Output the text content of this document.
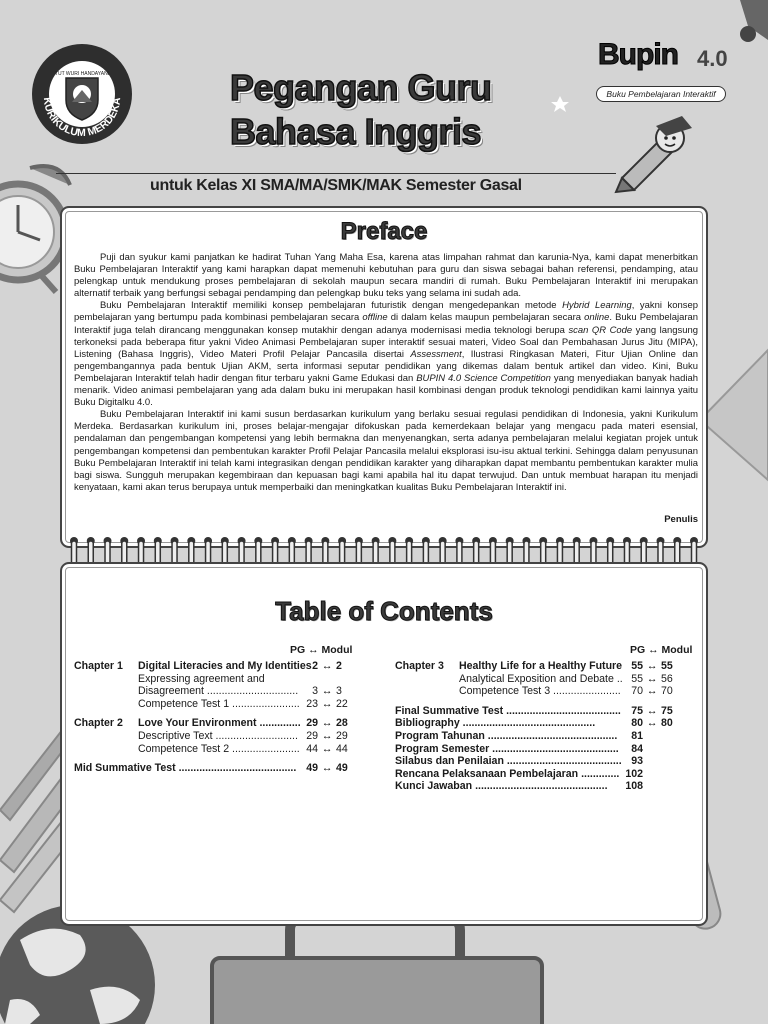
KURIKULUM MERDEKA
TUT WURI HANDAYANI	Pegangan Guru
Bahasa Inggris
untuk Kelas XI SMA/MA/SMK/MAK Semester Gasal
Bupin 4.0
Buku Pembelajaran Interaktif
Preface

Puji dan syukur kami panjatkan ke hadirat Tuhan Yang Maha Esa, karena atas limpahan rahmat dan karunia-Nya, kami dapat menerbitkan Buku Pembelajaran Interaktif yang kami harapkan dapat memenuhi kebutuhan para guru dan siswa sebagai bahan referensi, pendamping, atau pelengkap untuk mendukung proses pembelajaran di sekolah maupun secara mandiri di rumah. Buku Pembelajaran Interaktif ini merupakan alternatif terbaik yang berfungsi sebagai pendamping dan pelengkap buku teks yang selama ini sudah ada.

Buku Pembelajaran Interaktif memiliki konsep pembelajaran futuristik dengan mengedepankan metode Hybrid Learning, yakni konsep pembelajaran yang bertumpu pada kombinasi pembelajaran secara offline di dalam kelas maupun pembelajaran secara online. Buku Pembelajaran Interaktif juga telah dirancang menggunakan konsep mutakhir dengan adanya modernisasi media teknologi berupa scan QR Code yang langsung terkoneksi pada beberapa fitur yakni Video Animasi Pembelajaran super interaktif sesuai materi, Video Soal dan Pembahasan Jurus Jitu (MIPA), Listening (Bahasa Inggris), Video Materi Profil Pelajar Pancasila disertai Assessment, Ilustrasi Ringkasan Materi, Fitur Ujian Online dan pengembangannya pada bentuk Ujian AKM, serta informasi seputar pendidikan yang dikemas dalam bentuk artikel dan video. Kini, Buku Pembelajaran Interaktif telah hadir dengan fitur terbaru yakni Game Edukasi dan BUPIN 4.0 Science Competition yang menyediakan banyak hadiah menarik. Video animasi pembelajaran yang ada dalam buku ini merupakan hasil kombinasi dengan produk teknologi pendidikan kami lainnya yaitu Buku Digitalku 4.0.

Buku Pembelajaran Interaktif ini kami susun berdasarkan kurikulum yang berlaku sesuai regulasi pendidikan di Indonesia, yakni Kurikulum Merdeka. Berdasarkan kurikulum ini, proses belajar-mengajar difokuskan pada kemerdekaan belajar yang mengacu pada materi esensial, pendalaman dan pengembangan kompetensi yang lebih bermakna dan menyenangkan, serta adanya pembelajaran melalui kegiatan projek untuk pengembangan kompetensi dan pembentukan karakter Profil Pelajar Pancasila melalui eksplorasi isu-isu aktual terkini. Sehingga dalam penyusunan Buku Pembelajaran Interaktif ini telah kami integrasikan dengan pendidikan karakter yang diharapkan dapat membantu pembentukan karakter mulia bagi siswa. Sungguh merupakan kegembiraan dan kepuasan bagi kami apabila hal itu dapat terwujud. Dan untuk membuat harapan itu menjadi kenyataan, kami akan terus berupaya untuk memperbaiki dan meningkatkan kualitas Buku Pembelajaran Interaktif ini.

Penulis
Table of Contents
PG ↔ Modul	PG ↔ Modul
Chapter 1 Digital Literacies and My Identities 2 ↔ 2
Expressing agreement and
Disagreement ...............................	3 ↔ 3
Competence Test 1 ....................... 23 ↔ 22
Chapter 2 Love Your Environment .............. 29 ↔ 28
Descriptive Text ............................ 29 ↔ 29
Competence Test 2 ....................... 44 ↔ 44
Mid Summative Test ........................................ 49 ↔ 49
Chapter 3 Healthy Life for a Healthy Future 55 ↔ 55
Analytical Exposition and Debate .. 55 ↔ 56
Competence Test 3 ....................... 70 ↔ 70
Final Summative Test ....................................... 75 ↔ 75
Bibliography .............................................	80 ↔ 80
Program Tahunan ............................................	81
Program Semester ...........................................	84
Silabus dan Penilaian ....................................... 93
Rencana Pelaksanaan Pembelajaran ............. 102
Kunci Jawaban .............................................	108
